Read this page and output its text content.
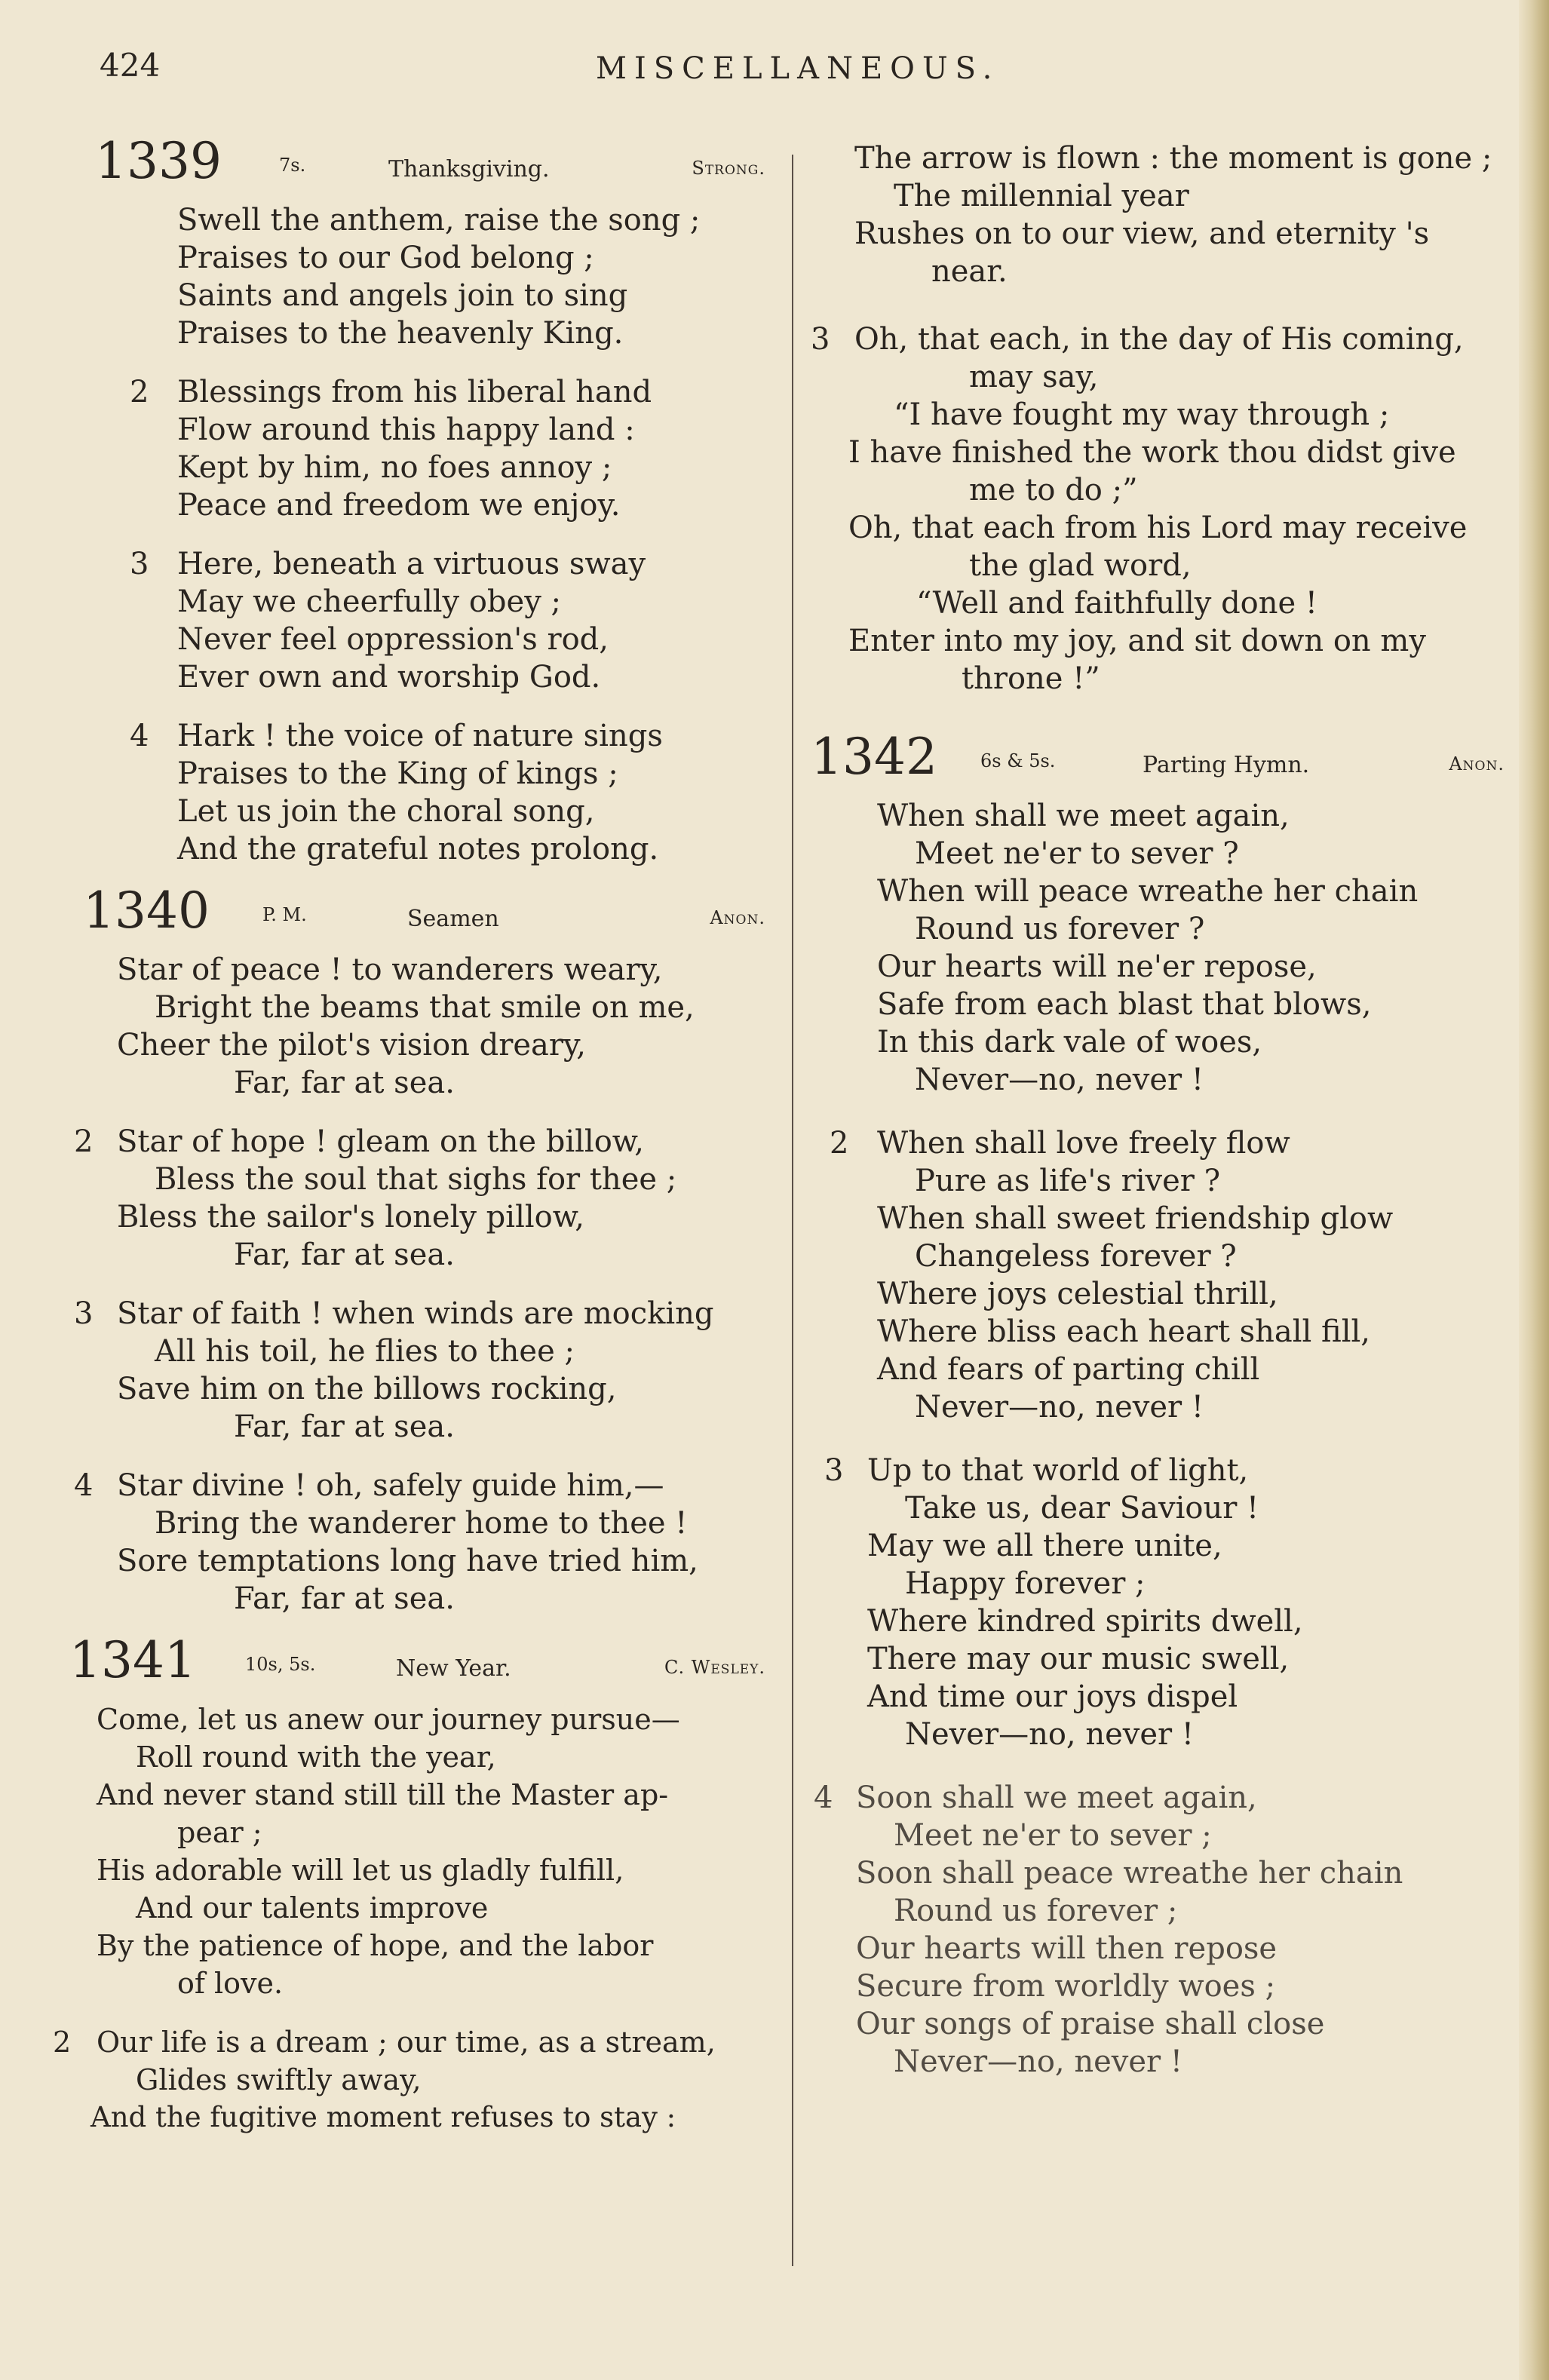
424	MISCELLANEOUS.
1339	7s.	Thanksgiving.	Strong.
Swell the anthem, raise the song ;
Praises to our God belong ;
Saints and angels join to sing
Praises to the heavenly King.
2 Blessings from his liberal hand
Flow around this happy land :
Kept by him, no foes annoy ;
Peace and freedom we enjoy.
3 Here, beneath a virtuous sway
May we cheerfully obey ;
Never feel oppression's rod,
Ever own and worship God.
4 Hark ! the voice of nature sings
Praises to the King of kings ;
Let us join the choral song,
And the grateful notes prolong.
1340	P. M.	Seamen	Anon.
Star of peace ! to wanderers weary,
Bright the beams that smile on me,
Cheer the pilot's vision dreary,
Far, far at sea.
2 Star of hope ! gleam on the billow,
Bless the soul that sighs for thee ;
Bless the sailor's lonely pillow,
Far, far at sea.
3 Star of faith ! when winds are mocking
All his toil, he flies to thee ;
Save him on the billows rocking,
Far, far at sea.
4 Star divine ! oh, safely guide him,—
Bring the wanderer home to thee !
Sore temptations long have tried him,
Far, far at sea.
1341	10s, 5s.	New Year.	C. Wesley.
Come, let us anew our journey pursue—
Roll round with the year,
And never stand still till the Master ap-
pear ;
His adorable will let us gladly fulfill,
And our talents improve
By the patience of hope, and the labor
of love.
2 Our life is a dream ; our time, as a stream,
Glides swiftly away,
And the fugitive moment refuses to stay :
The arrow is flown : the moment is gone ;
The millennial year
Rushes on to our view, and eternity 's
near.
3 Oh, that each, in the day of His coming,
may say,
“I have fought my way through ;
I have finished the work thou didst give
me to do ;”
Oh, that each from his Lord may receive
the glad word,
“Well and faithfully done !
Enter into my joy, and sit down on my
throne !”
1342 6s & 5s.	Parting Hymn.	Anon.
When shall we meet again,
Meet ne'er to sever ?
When will peace wreathe her chain
Round us forever ?
Our hearts will ne'er repose,
Safe from each blast that blows,
In this dark vale of woes,
Never—no, never !
2 When shall love freely flow
Pure as life's river ?
When shall sweet friendship glow
Changeless forever ?
Where joys celestial thrill,
Where bliss each heart shall fill,
And fears of parting chill
Never—no, never !
3 Up to that world of light,
Take us, dear Saviour !
May we all there unite,
Happy forever ;
Where kindred spirits dwell,
There may our music swell,
And time our joys dispel
Never—no, never !
4 Soon shall we meet again,
Meet ne'er to sever ;
Soon shall peace wreathe her chain
Round us forever ;
Our hearts will then repose
Secure from worldly woes ;
Our songs of praise shall close
Never—no, never !
